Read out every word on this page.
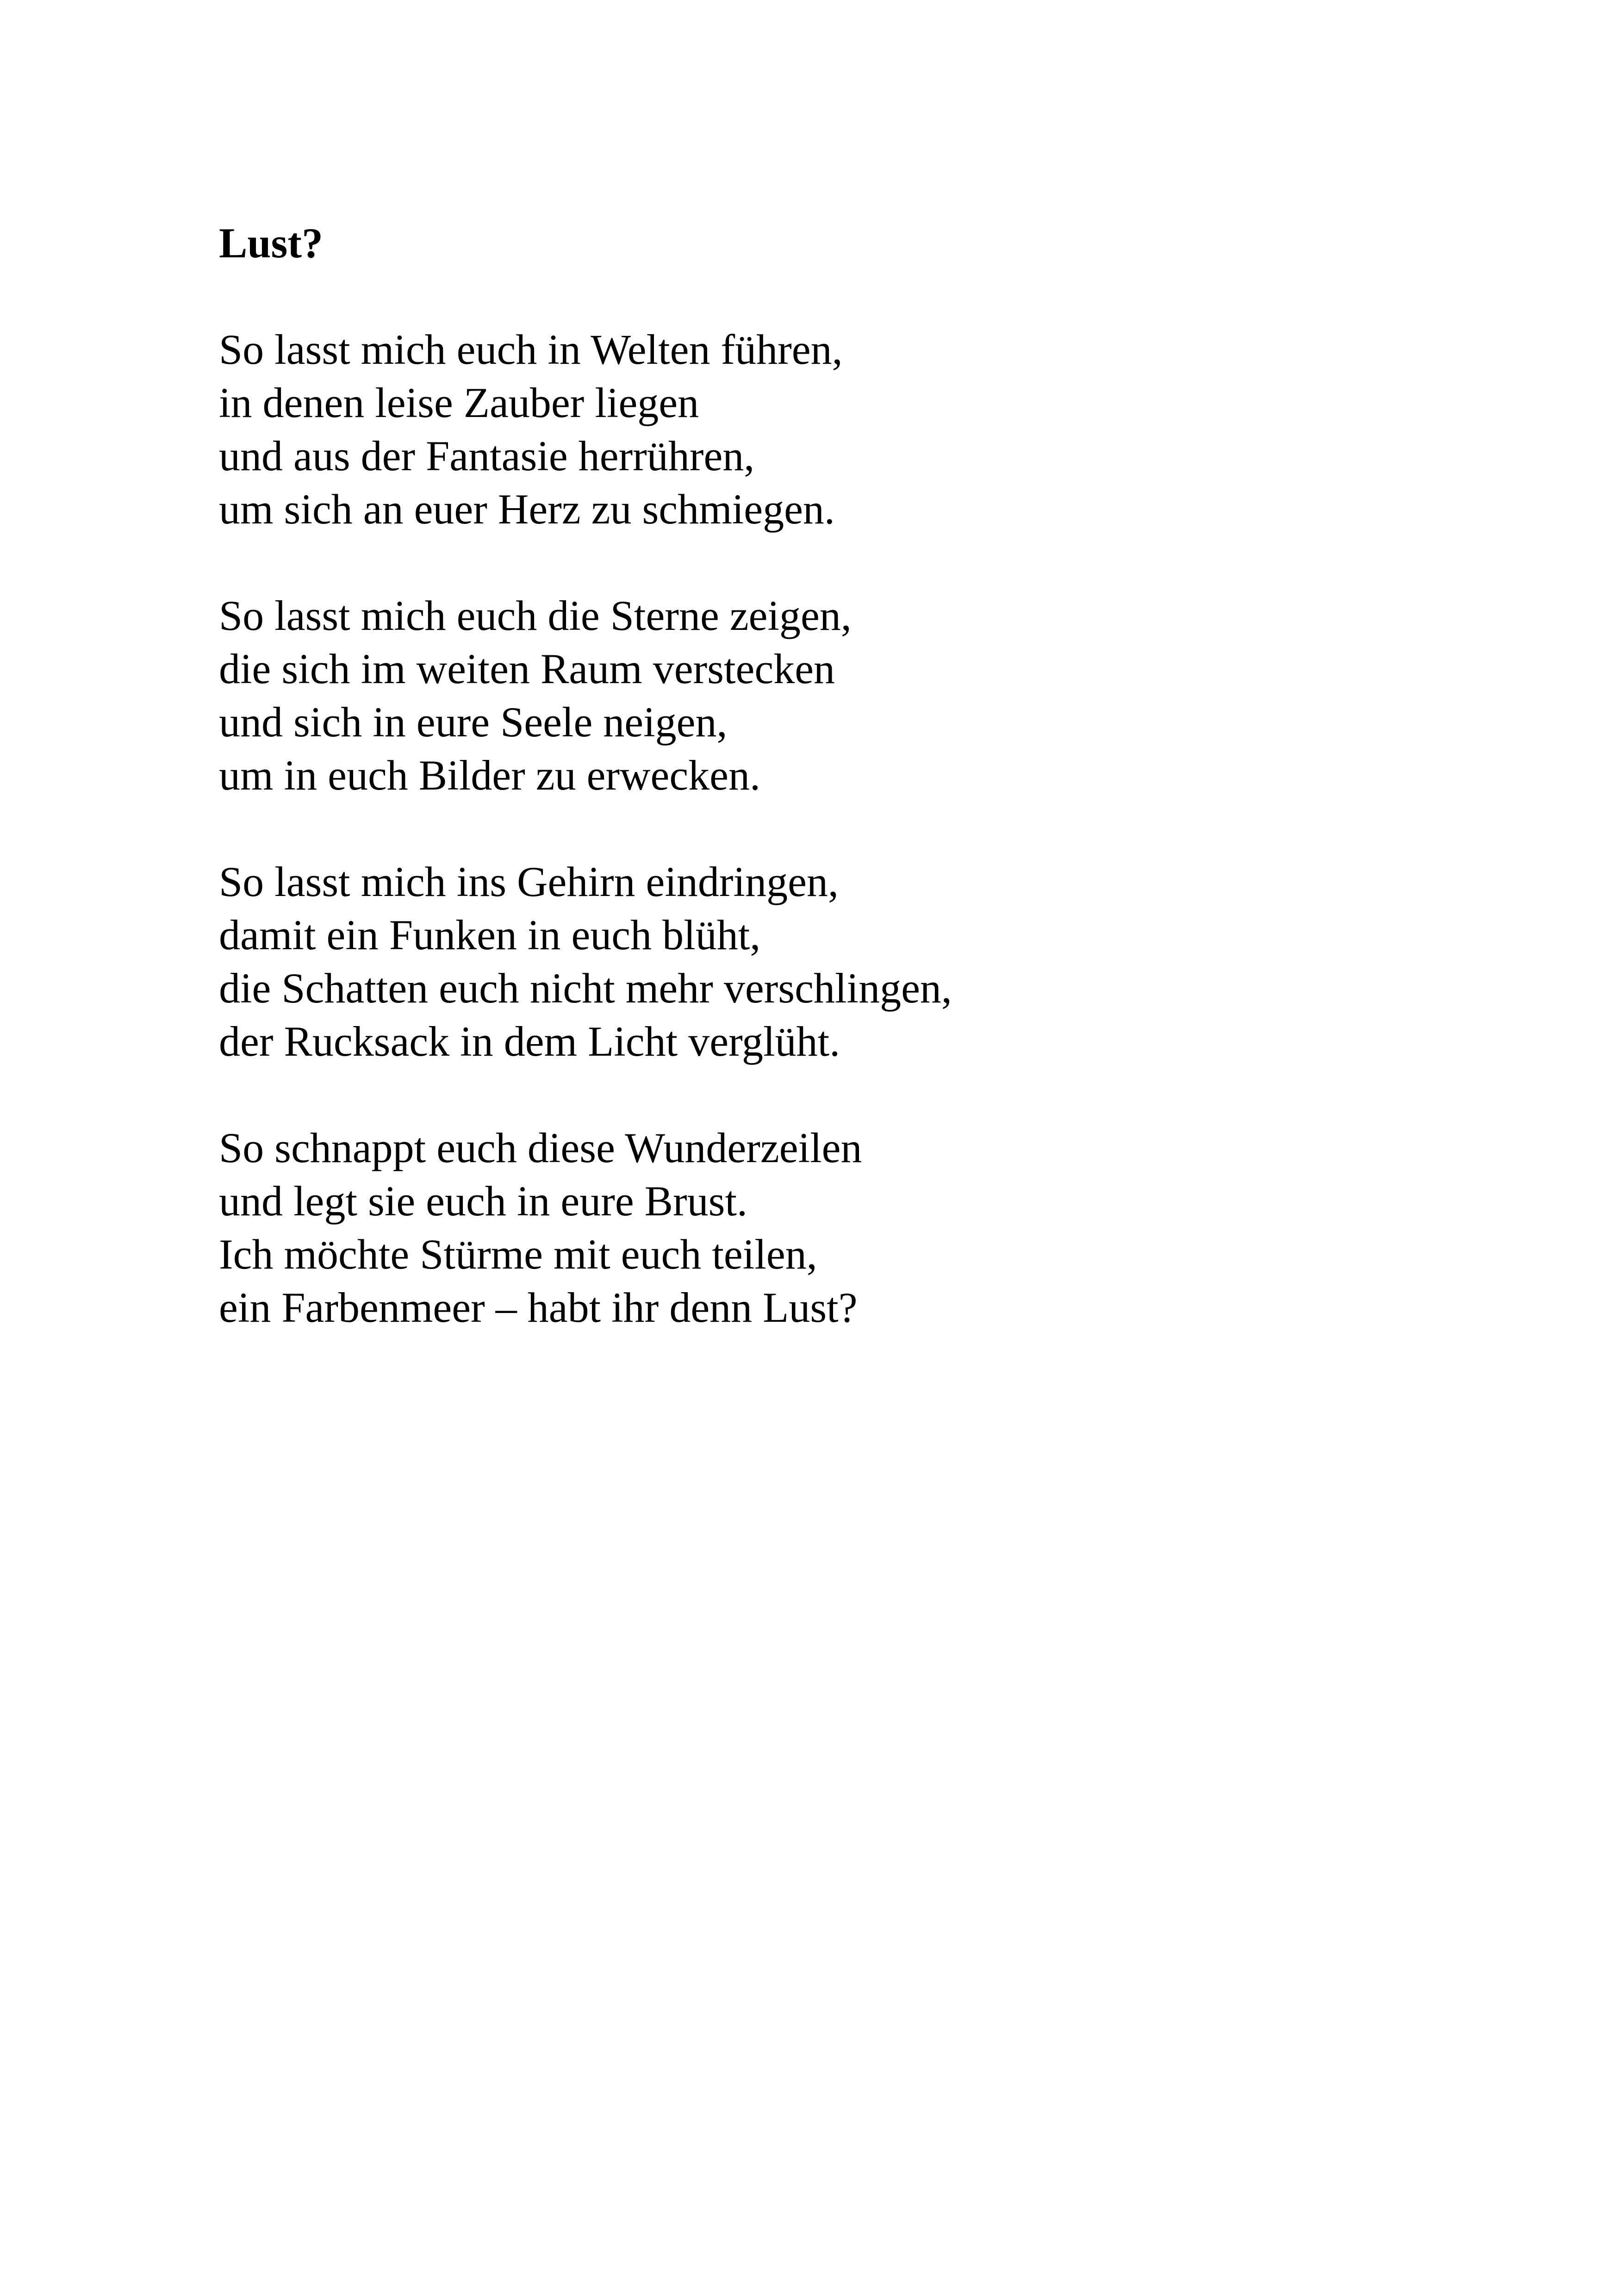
Lust?

So lasst mich euch in Welten führen,
in denen leise Zauber liegen
und aus der Fantasie herrühren,
um sich an euer Herz zu schmiegen.

So lasst mich euch die Sterne zeigen,
die sich im weiten Raum verstecken
und sich in eure Seele neigen,
um in euch Bilder zu erwecken.

So lasst mich ins Gehirn eindringen,
damit ein Funken in euch blüht,
die Schatten euch nicht mehr verschlingen,
der Rucksack in dem Licht verglüht.

So schnappt euch diese Wunderzeilen
und legt sie euch in eure Brust.
Ich möchte Stürme mit euch teilen,
ein Farbenmeer – habt ihr denn Lust?
